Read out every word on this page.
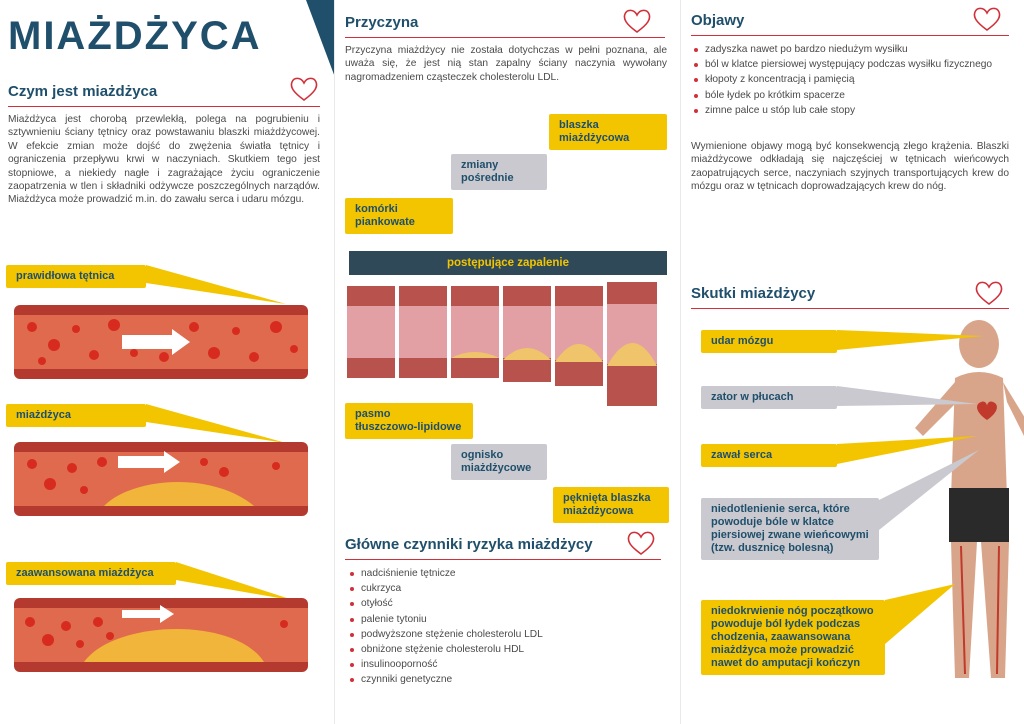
MIAŻDŻYCA
Czym jest miażdżyca
Miażdżyca jest chorobą przewlekłą, polega na pogrubieniu i sztywnieniu ściany tętnicy oraz powstawaniu blaszki miażdżycowej. W efekcie zmian może dojść do zwężenia światła tętnicy i ograniczenia przepływu krwi w naczyniach. Skutkiem tego jest stopniowe, a niekiedy nagłe i zagrażające życiu ograniczenie zaopatrzenia w tlen i składniki odżywcze poszczególnych narządów. Miażdżyca może prowadzić m.in. do zawału serca i udaru mózgu.
prawidłowa tętnica
miażdżyca
zaawansowana miażdżyca
Przyczyna
Przyczyna miażdżycy nie została dotychczas w pełni poznana, ale uważa się, że jest nią stan zapalny ściany naczynia wywołany nagromadzeniem cząsteczek cholesterolu LDL.
blaszka
miażdżycowa
zmiany
pośrednie
komórki
piankowate
postępujące zapalenie
pasmo
tłuszczowo-lipidowe
ognisko
miażdżycowe
pęknięta blaszka
miażdżycowa
Główne czynniki ryzyka miażdżycy
nadciśnienie tętnicze
cukrzyca
otyłość
palenie tytoniu
podwyższone stężenie cholesterolu LDL
obniżone stężenie cholesterolu HDL
insulinooporność
czynniki genetyczne
Objawy
zadyszka nawet po bardzo niedużym wysiłku
ból w klatce piersiowej występujący podczas wysiłku fizycznego
kłopoty z koncentracją i pamięcią
bóle łydek po krótkim spacerze
zimne palce u stóp lub całe stopy
Wymienione objawy mogą być konsekwencją złego krążenia. Blaszki miażdżycowe odkładają się najczęściej w tętnicach wieńcowych zaopatrujących serce, naczyniach szyjnych transportujących krew do mózgu oraz w tętnicach doprowadzających krew do nóg.
Skutki miażdżycy
udar mózgu
zator w płucach
zawał serca
niedotlenienie serca, które powoduje bóle w klatce piersiowej zwane wieńcowymi (tzw. dusznicę bolesną)
niedokrwienie nóg początkowo powoduje ból łydek podczas chodzenia, zaawansowana miażdżyca może prowadzić nawet do amputacji kończyn
